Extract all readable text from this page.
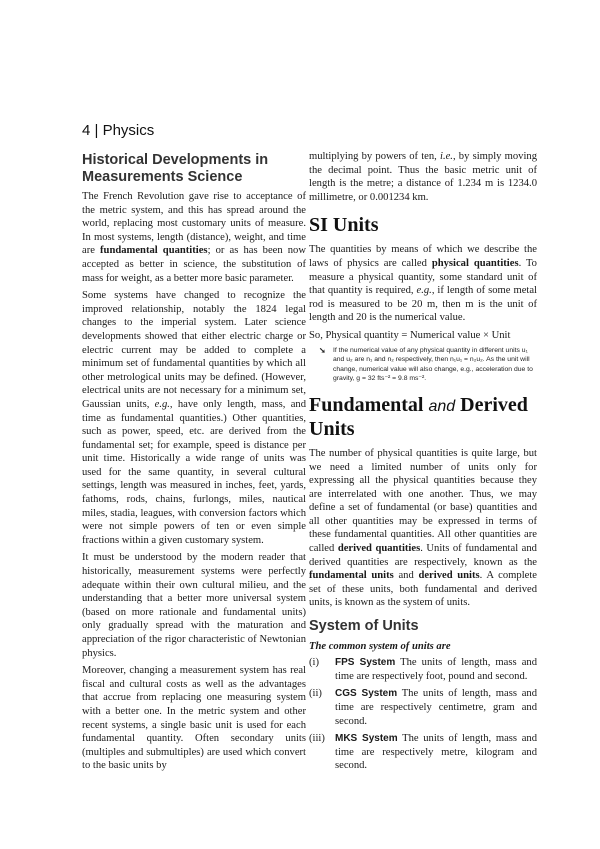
4 | Physics
Historical Developments in Measurements Science

The French Revolution gave rise to acceptance of the metric system, and this has spread around the world, replacing most customary units of measure. In most systems, length (distance), weight, and time are fundamental quantities; or as has been now accepted as better in science, the substitution of mass for weight, as a better more basic parameter.

Some systems have changed to recognize the improved relationship, notably the 1824 legal changes to the imperial system. Later science developments showed that either electric charge or electric current may be added to complete a minimum set of fundamental quantities by which all other metrological units may be defined. (However, electrical units are not necessary for a minimum set, Gaussian units, e.g., have only length, mass, and time as fundamental quantities.) Other quantities, such as power, speed, etc. are derived from the fundamental set; for example, speed is distance per unit time. Historically a wide range of units was used for the same quantity, in several cultural settings, length was measured in inches, feet, yards, fathoms, rods, chains, furlongs, miles, nautical miles, stadia, leagues, with conversion factors which were not simple powers of ten or even simple fractions within a given customary system.

It must be understood by the modern reader that historically, measurement systems were perfectly adequate within their own cultural milieu, and the understanding that a better more universal system (based on more rationale and fundamental units) only gradually spread with the maturation and appreciation of the rigor characteristic of Newtonian physics.

Moreover, changing a measurement system has real fiscal and cultural costs as well as the advantages that accrue from replacing one measuring system with a better one. In the metric system and other recent systems, a single basic unit is used for each fundamental quantity. Often secondary units (multiples and submultiples) are used which convert to the basic units by

multiplying by powers of ten, i.e., by simply moving the decimal point. Thus the basic metric unit of length is the metre; a distance of 1.234 m is 1234.0 millimetre, or 0.001234 km.

SI Units

The quantities by means of which we describe the laws of physics are called physical quantities. To measure a physical quantity, some standard unit of that quantity is required, e.g., if length of some metal rod is measured to be 20 m, then m is the unit of length and 20 is the numerical value.

So, Physical quantity = Numerical value × Unit
➘	If the numerical value of any physical quantity in different units u₁ and u₂ are n₁ and n₂ respectively, then n₁u₁ = n₂u₂. As the unit will change, numerical value will also change, e.g., acceleration due to gravity, g = 32 fts⁻² = 9.8 ms⁻².
Fundamental and Derived Units

The number of physical quantities is quite large, but we need a limited number of units only for expressing all the physical quantities because they are interrelated with one another. Thus, we may define a set of fundamental (or base) quantities and all other quantities may be expressed in terms of these fundamental quantities. All other quantities are called derived quantities. Units of fundamental and derived quantities are respectively, known as the fundamental units and derived units. A complete set of these units, both fundamental and derived units, is known as the system of units.

System of Units
The common system of units are
(i)	FPS System The units of length, mass and time are respectively foot, pound and second.
(ii)	CGS System The units of length, mass and time are respectively centimetre, gram and second.
(iii)	MKS System The units of length, mass and time are respectively metre, kilogram and second.
